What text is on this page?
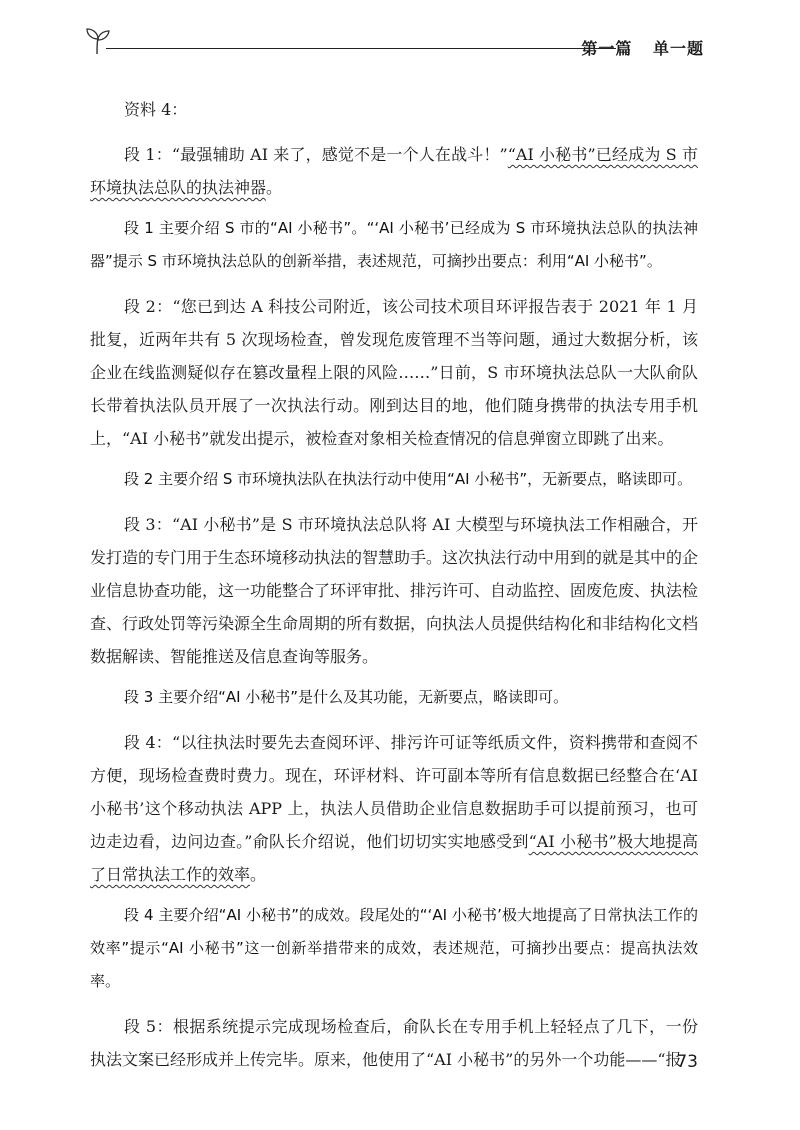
第一篇 单一题
资料 4：

段 1：“最强辅助 AI 来了，感觉不是一个人在战斗！”“AI 小秘书”已经成为 S 市环境执法总队的执法神器。

段 1 主要介绍 S 市的“AI 小秘书”。“‘AI 小秘书’已经成为 S 市环境执法总队的执法神器”提示 S 市环境执法总队的创新举措，表述规范，可摘抄出要点：利用“AI 小秘书”。

段 2：“您已到达 A 科技公司附近，该公司技术项目环评报告表于 2021 年 1 月批复，近两年共有 5 次现场检查，曾发现危废管理不当等问题，通过大数据分析，该企业在线监测疑似存在篡改量程上限的风险……”日前，S 市环境执法总队一大队俞队长带着执法队员开展了一次执法行动。刚到达目的地，他们随身携带的执法专用手机上，“AI 小秘书”就发出提示，被检查对象相关检查情况的信息弹窗立即跳了出来。

段 2 主要介绍 S 市环境执法队在执法行动中使用“AI 小秘书”，无新要点，略读即可。

段 3：“AI 小秘书”是 S 市环境执法总队将 AI 大模型与环境执法工作相融合，开发打造的专门用于生态环境移动执法的智慧助手。这次执法行动中用到的就是其中的企业信息协查功能，这一功能整合了环评审批、排污许可、自动监控、固废危废、执法检查、行政处罚等污染源全生命周期的所有数据，向执法人员提供结构化和非结构化文档数据解读、智能推送及信息查询等服务。

段 3 主要介绍“AI 小秘书”是什么及其功能，无新要点，略读即可。

段 4：“以往执法时要先去查阅环评、排污许可证等纸质文件，资料携带和查阅不方便，现场检查费时费力。现在，环评材料、许可副本等所有信息数据已经整合在‘AI 小秘书’这个移动执法 APP 上，执法人员借助企业信息数据助手可以提前预习，也可边走边看，边问边查。”俞队长介绍说，他们切切实实地感受到“AI 小秘书”极大地提高了日常执法工作的效率。

段 4 主要介绍“AI 小秘书”的成效。段尾处的“‘AI 小秘书’极大地提高了日常执法工作的效率”提示“AI 小秘书”这一创新举措带来的成效，表述规范，可摘抄出要点：提高执法效率。

段 5：根据系统提示完成现场检查后，俞队长在专用手机上轻轻点了几下，一份执法文案已经形成并上传完毕。原来，他使用了“AI 小秘书”的另外一个功能——“报

73
